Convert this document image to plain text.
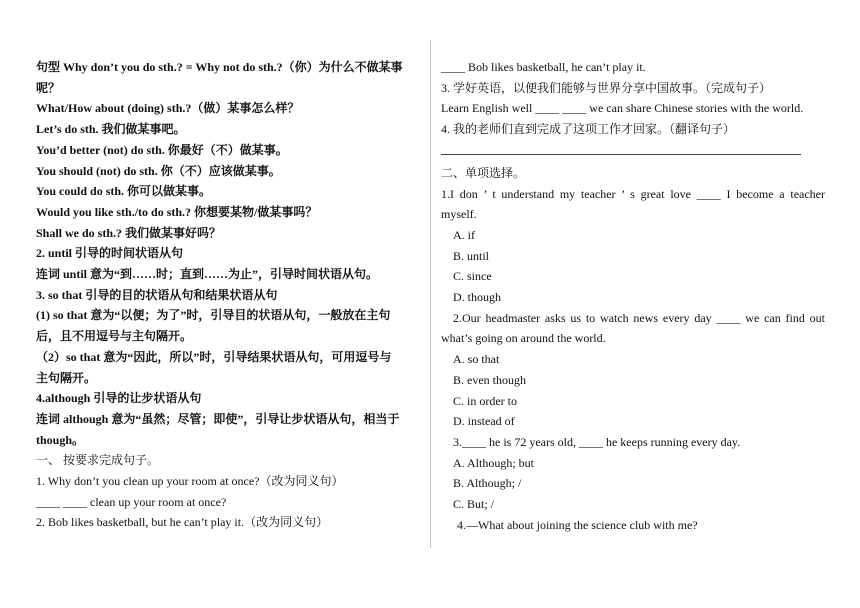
句型 Why don’t you do sth.? = Why not do sth.?（你）为什么不做某事

呢？

What/How about (doing) sth.?（做）某事怎么样？

Let’s do sth. 我们做某事吧。

You’d better (not) do sth. 你最好（不）做某事。

You should (not) do sth. 你（不）应该做某事。

You could do sth. 你可以做某事。

Would you like sth./to do sth.? 你想要某物/做某事吗？

Shall we do sth.? 我们做某事好吗？

2. until 引导的时间状语从句

连词 until 意为“到……时；直到……为止”，引导时间状语从句。

3. so that 引导的目的状语从句和结果状语从句

(1) so that 意为“以便；为了”时，引导目的状语从句，一般放在主句

后，且不用逗号与主句隔开。

（2）so that 意为“因此，所以”时，引导结果状语从句，可用逗号与

主句隔开。

4.although 引导的让步状语从句

连词 although 意为“虽然；尽管；即使”，引导让步状语从句，相当于

though。

一、 按要求完成句子。

1. Why don’t you clean up your room at once?（改为同义句）

____ ____ clean up your room at once?

2. Bob likes basketball, but he can’t play it.（改为同义句）

____ Bob likes basketball, he can’t play it.

3. 学好英语，以便我们能够与世界分享中国故事。（完成句子）

Learn English well ____ ____ we can share Chinese stories with the world.

4. 我的老师们直到完成了这项工作才回家。（翻译句子）

二、单项选择。

1.I don ’ t understand my teacher ’ s great love ____ I become a teacher

myself.

A. if

B. until

C. since

D. though

2.Our headmaster asks us to watch news every day ____ we can find out

what’s going on around the world.

A. so that

B. even though

C. in order to

D. instead of

3.____ he is 72 years old, ____ he keeps running every day.

A. Although; but

B. Although; /

C. But; /

4.—What about joining the science club with me?
